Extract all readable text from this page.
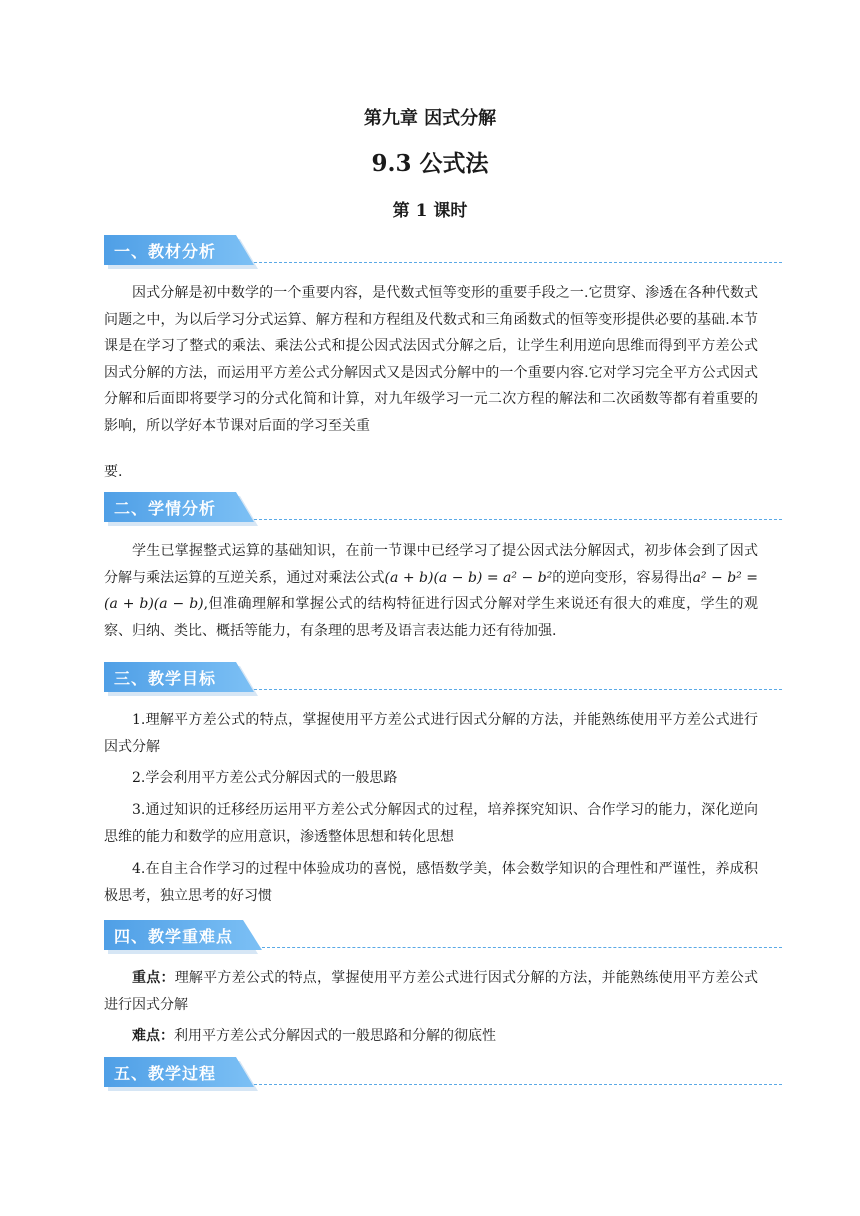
第九章 因式分解
9.3 公式法
第 1 课时
一、教材分析

因式分解是初中数学的一个重要内容，是代数式恒等变形的重要手段之一.它贯穿、渗透在各种代数式问题之中，为以后学习分式运算、解方程和方程组及代数式和三角函数式的恒等变形提供必要的基础.本节课是在学习了整式的乘法、乘法公式和提公因式法因式分解之后，让学生利用逆向思维而得到平方差公式因式分解的方法，而运用平方差公式分解因式又是因式分解中的一个重要内容.它对学习完全平方公式因式分解和后面即将要学习的分式化简和计算，对九年级学习一元二次方程的解法和二次函数等都有着重要的影响，所以学好本节课对后面的学习至关重

要.

二、学情分析

学生已掌握整式运算的基础知识，在前一节课中已经学习了提公因式法分解因式，初步体会到了因式分解与乘法运算的互逆关系，通过对乘法公式(a + b)(a − b) = a² − b²的逆向变形，容易得出a² − b² = (a + b)(a − b),但准确理解和掌握公式的结构特征进行因式分解对学生来说还有很大的难度，学生的观察、归纳、类比、概括等能力，有条理的思考及语言表达能力还有待加强.

三、教学目标

1.理解平方差公式的特点，掌握使用平方差公式进行因式分解的方法，并能熟练使用平方差公式进行因式分解

2.学会利用平方差公式分解因式的一般思路

3.通过知识的迁移经历运用平方差公式分解因式的过程，培养探究知识、合作学习的能力，深化逆向思维的能力和数学的应用意识，渗透整体思想和转化思想

4.在自主合作学习的过程中体验成功的喜悦，感悟数学美，体会数学知识的合理性和严谨性，养成积极思考，独立思考的好习惯

四、教学重难点

重点：理解平方差公式的特点，掌握使用平方差公式进行因式分解的方法，并能熟练使用平方差公式进行因式分解

难点：利用平方差公式分解因式的一般思路和分解的彻底性

五、教学过程
